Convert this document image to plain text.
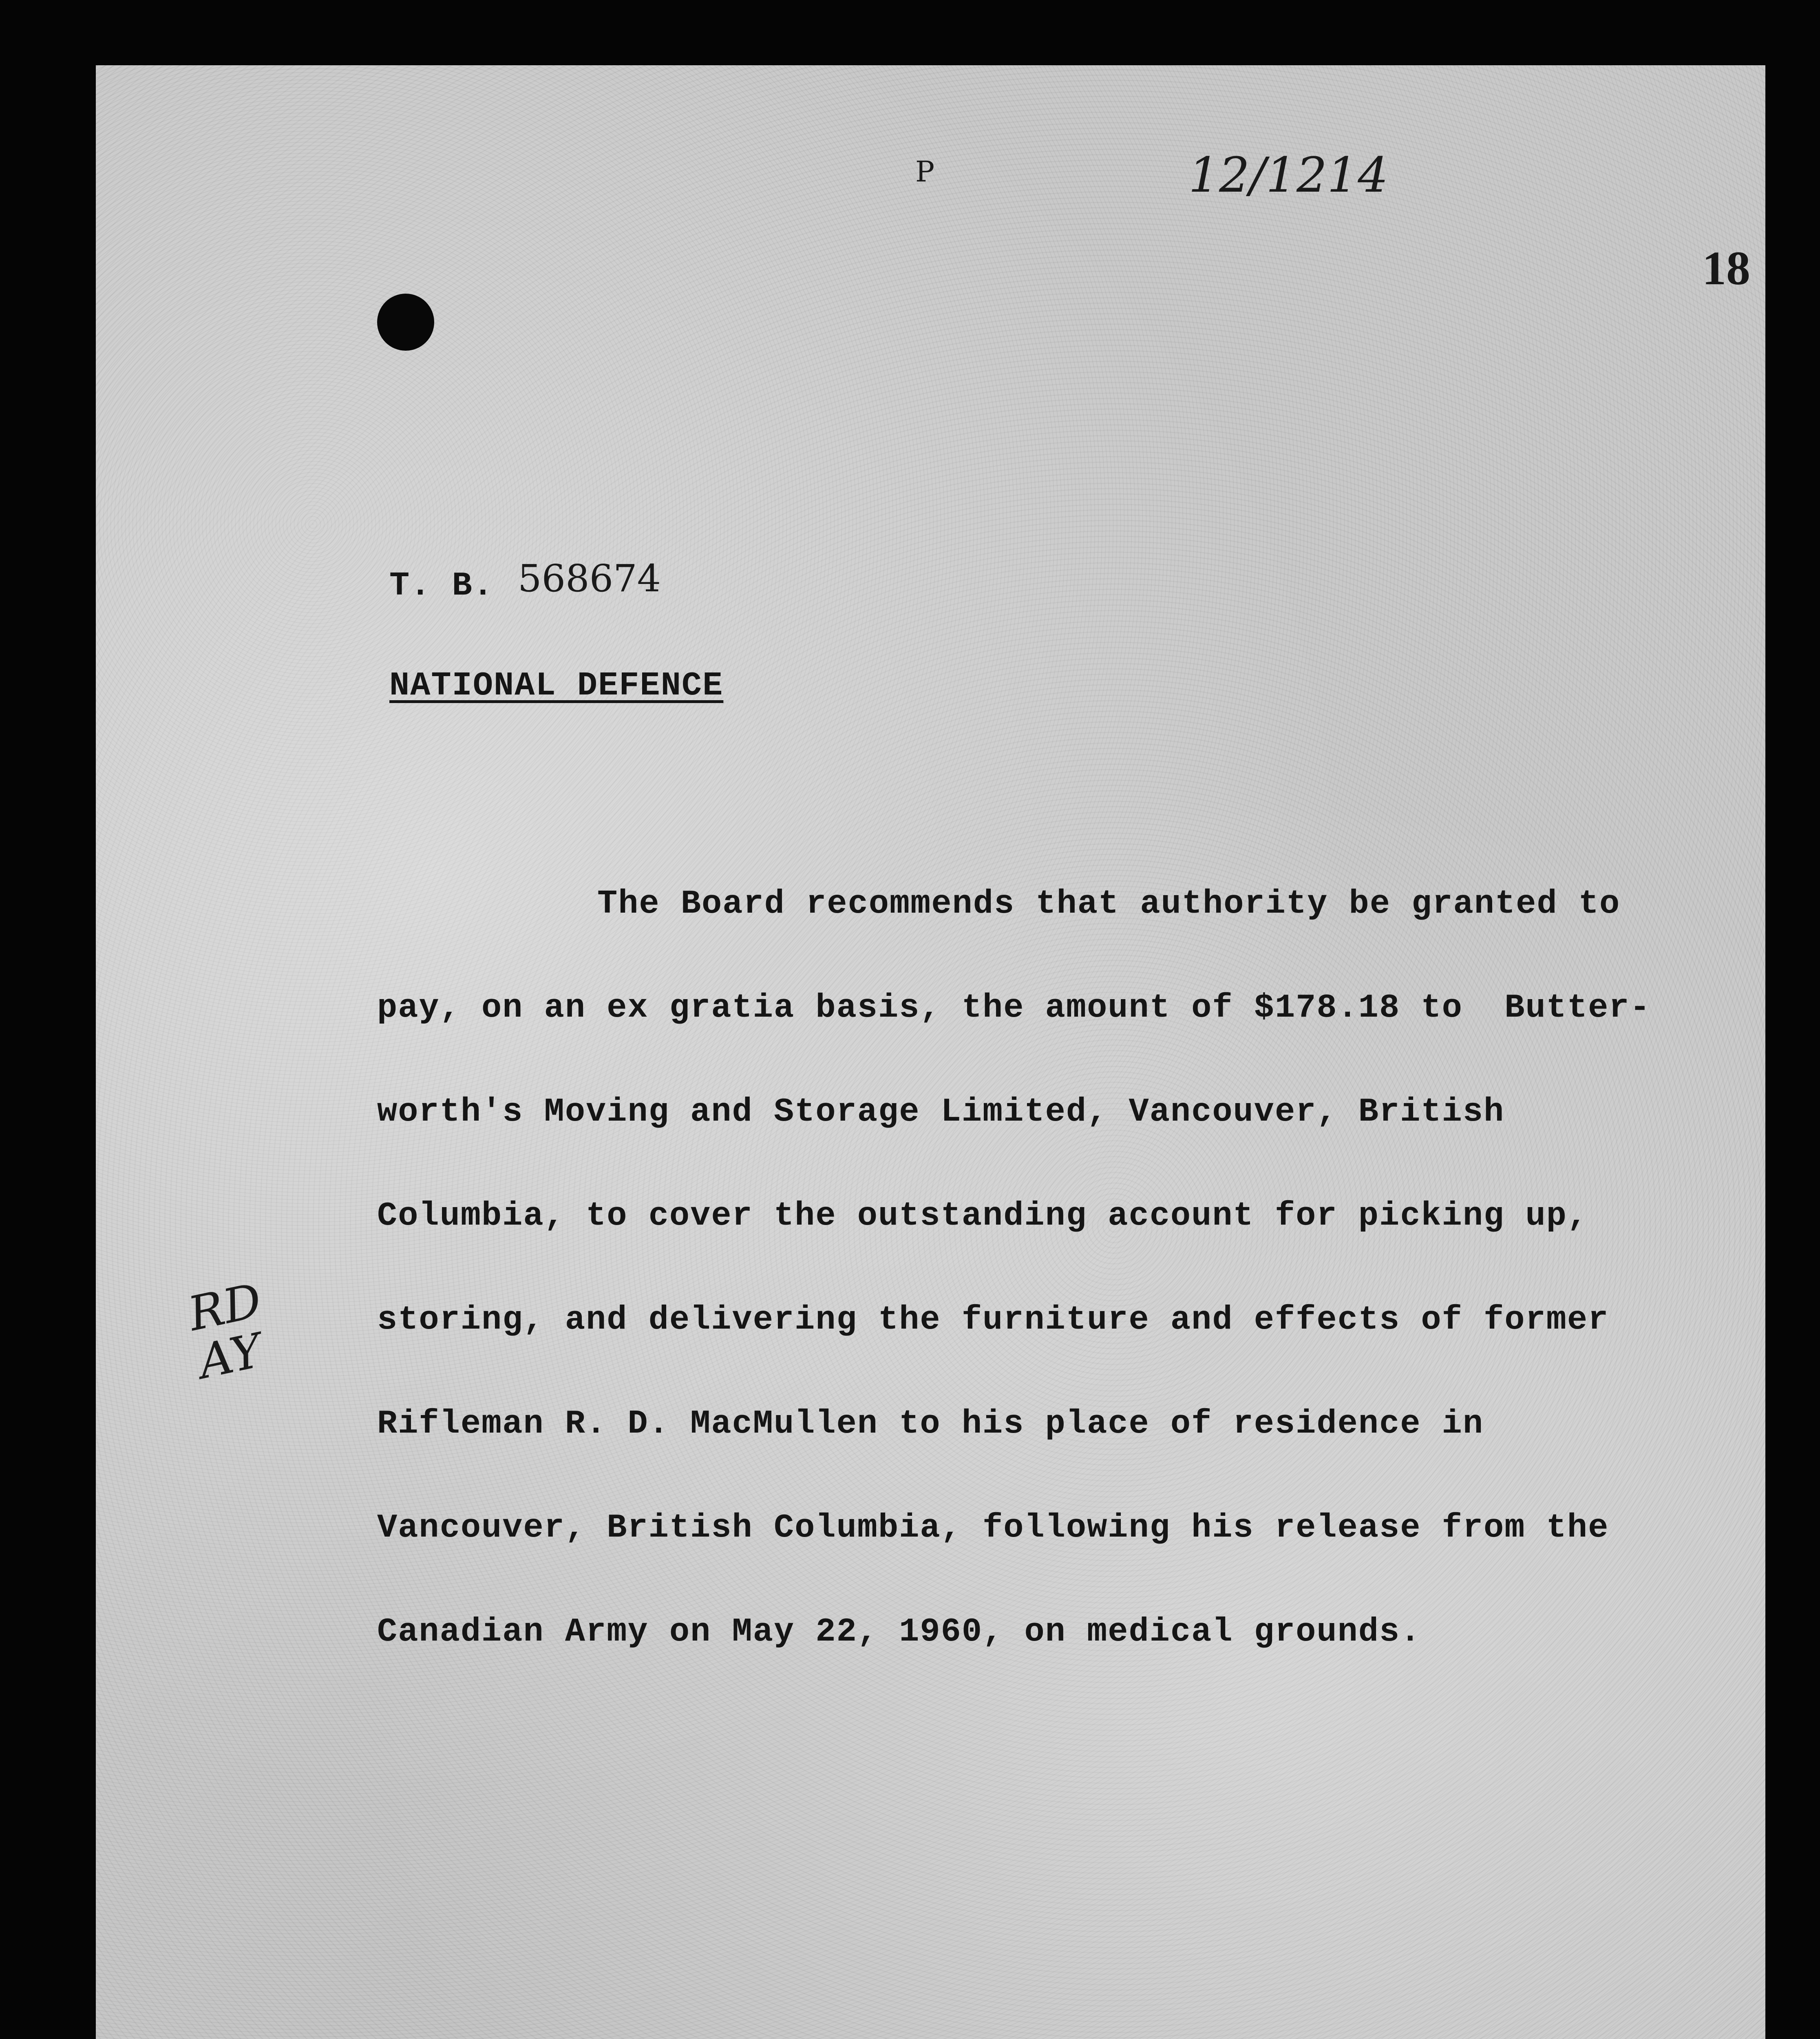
P	12/1214
18
T. B. 568674
NATIONAL DEFENCE
The Board recommends that authority be granted to
pay, on an ex gratia basis, the amount of $178.18 to  Butter-
worth's Moving and Storage Limited, Vancouver, British
Columbia, to cover the outstanding account for picking up,
storing, and delivering the furniture and effects of former
Rifleman R. D. MacMullen to his place of residence in
Vancouver, British Columbia, following his release from the
Canadian Army on May 22, 1960, on medical grounds.
RD
AY
